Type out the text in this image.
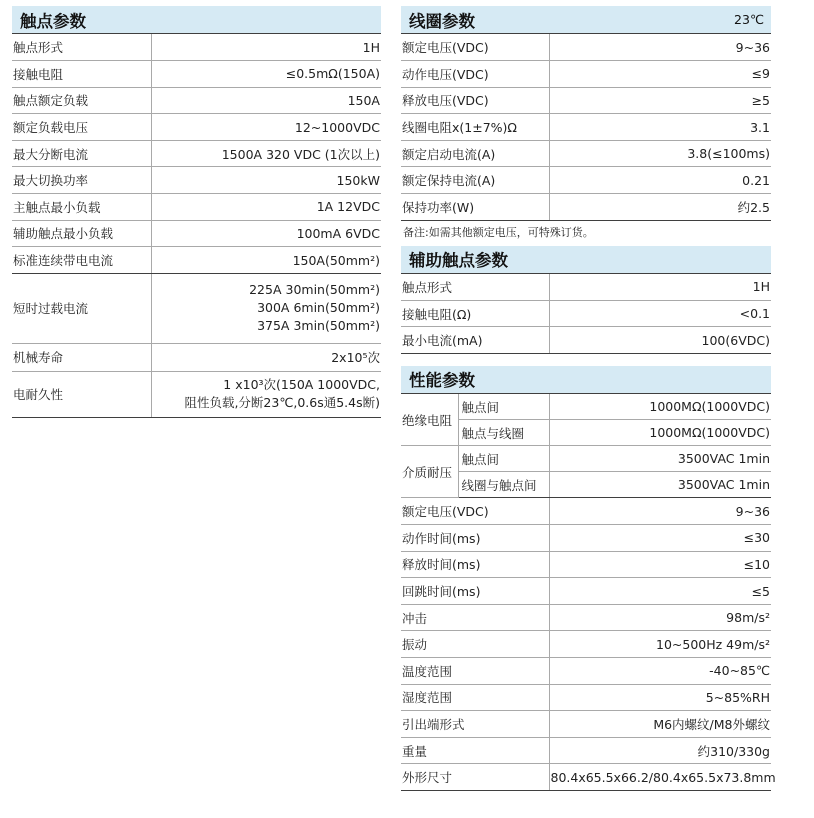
触点参数
触点形式	1H
接触电阻	≤0.5mΩ(150A)
触点额定负载	150A
额定负载电压	12~1000VDC
最大分断电流	1500A 320 VDC (1次以上)
最大切换功率	150kW
主触点最小负载	1A 12VDC
辅助触点最小负载	100mA 6VDC
标准连续带电电流	150A(50mm²)
短时过载电流	225A 30min(50mm²)
300A 6min(50mm²)
375A 3min(50mm²)

机械寿命	2x10⁵次
电耐久性	1 x10³次(150A 1000VDC,
阻性负载,分断23℃,0.6s通5.4s断)
线圈参数	23℃
额定电压(VDC)	9~36
动作电压(VDC)	≤9
释放电压(VDC)	≥5
线圈电阻x(1±7%)Ω	3.1
额定启动电流(A)	3.8(≤100ms)
额定保持电流(A)	0.21
保持功率(W)	约2.5
备注:如需其他额定电压，可特殊订货。
辅助触点参数
触点形式	1H
接触电阻(Ω)	<0.1
最小电流(mA)	100(6VDC)
性能参数
绝缘电阻	触点间	1000MΩ(1000VDC)
	触点与线圈	1000MΩ(1000VDC)
介质耐压	触点间	3500VAC 1min
	线圈与触点间	3500VAC 1min
额定电压(VDC)		9~36
动作时间(ms)		≤30
释放时间(ms)		≤10
回跳时间(ms)		≤5
冲击		98m/s²
振动		10~500Hz 49m/s²
温度范围		-40~85℃
湿度范围		5~85%RH
引出端形式		M6内螺纹/M8外螺纹
重量		约310/330g
外形尺寸		80.4x65.5x66.2/80.4x65.5x73.8mm
